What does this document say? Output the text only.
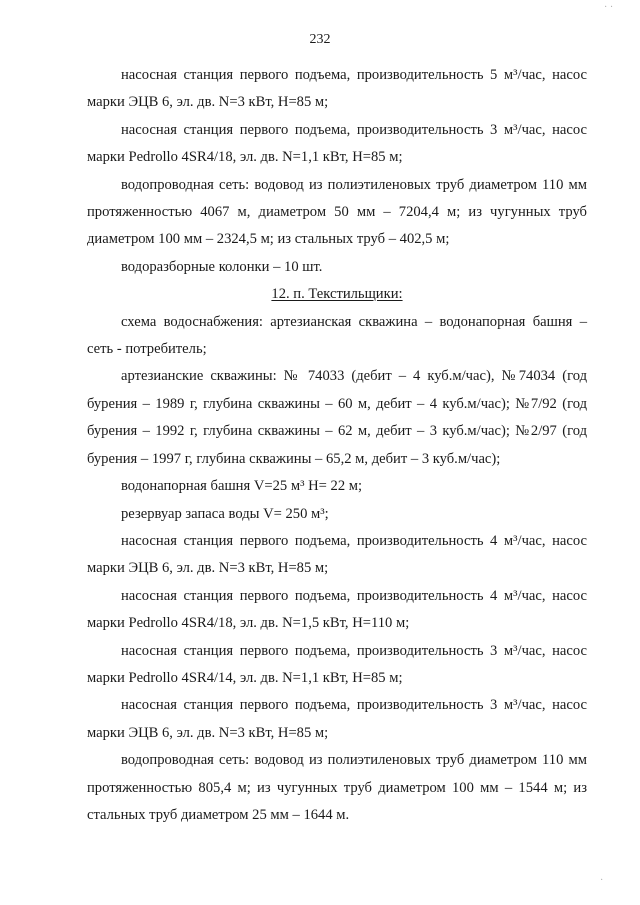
232

насосная станция первого подъема, производительность 5 м³/час, насос марки ЭЦВ 6, эл. дв. N=3 кВт, H=85 м;

насосная станция первого подъема, производительность 3 м³/час, насос марки Pedrollo 4SR4/18, эл. дв. N=1,1 кВт, H=85 м;

водопроводная сеть: водовод из полиэтиленовых труб диаметром 110 мм протяженностью 4067 м, диаметром 50 мм – 7204,4 м; из чугунных труб диаметром 100 мм – 2324,5 м; из стальных труб – 402,5 м;

водоразборные колонки – 10 шт.

12. п. Текстильщики:

схема водоснабжения: артезианская скважина – водонапорная башня – сеть - потребитель;

артезианские скважины: № 74033 (дебит – 4 куб.м/час), №74034 (год бурения – 1989 г, глубина скважины – 60 м, дебит – 4 куб.м/час); №7/92 (год бурения – 1992 г, глубина скважины – 62 м, дебит – 3 куб.м/час); №2/97 (год бурения – 1997 г, глубина скважины – 65,2 м, дебит – 3 куб.м/час);

водонапорная башня V=25 м³ H= 22 м;

резервуар запаса воды V= 250 м³;

насосная станция первого подъема, производительность 4 м³/час, насос марки ЭЦВ 6, эл. дв. N=3 кВт, H=85 м;

насосная станция первого подъема, производительность 4 м³/час, насос марки Pedrollo 4SR4/18, эл. дв. N=1,5 кВт, H=110 м;

насосная станция первого подъема, производительность 3 м³/час, насос марки Pedrollo 4SR4/14, эл. дв. N=1,1 кВт, H=85 м;

насосная станция первого подъема, производительность 3 м³/час, насос марки ЭЦВ 6, эл. дв. N=3 кВт, H=85 м;

водопроводная сеть: водовод из полиэтиленовых труб диаметром 110 мм протяженностью 805,4 м; из чугунных труб диаметром 100 мм – 1544 м; из стальных труб диаметром 25 мм – 1644 м.

· ·
·
